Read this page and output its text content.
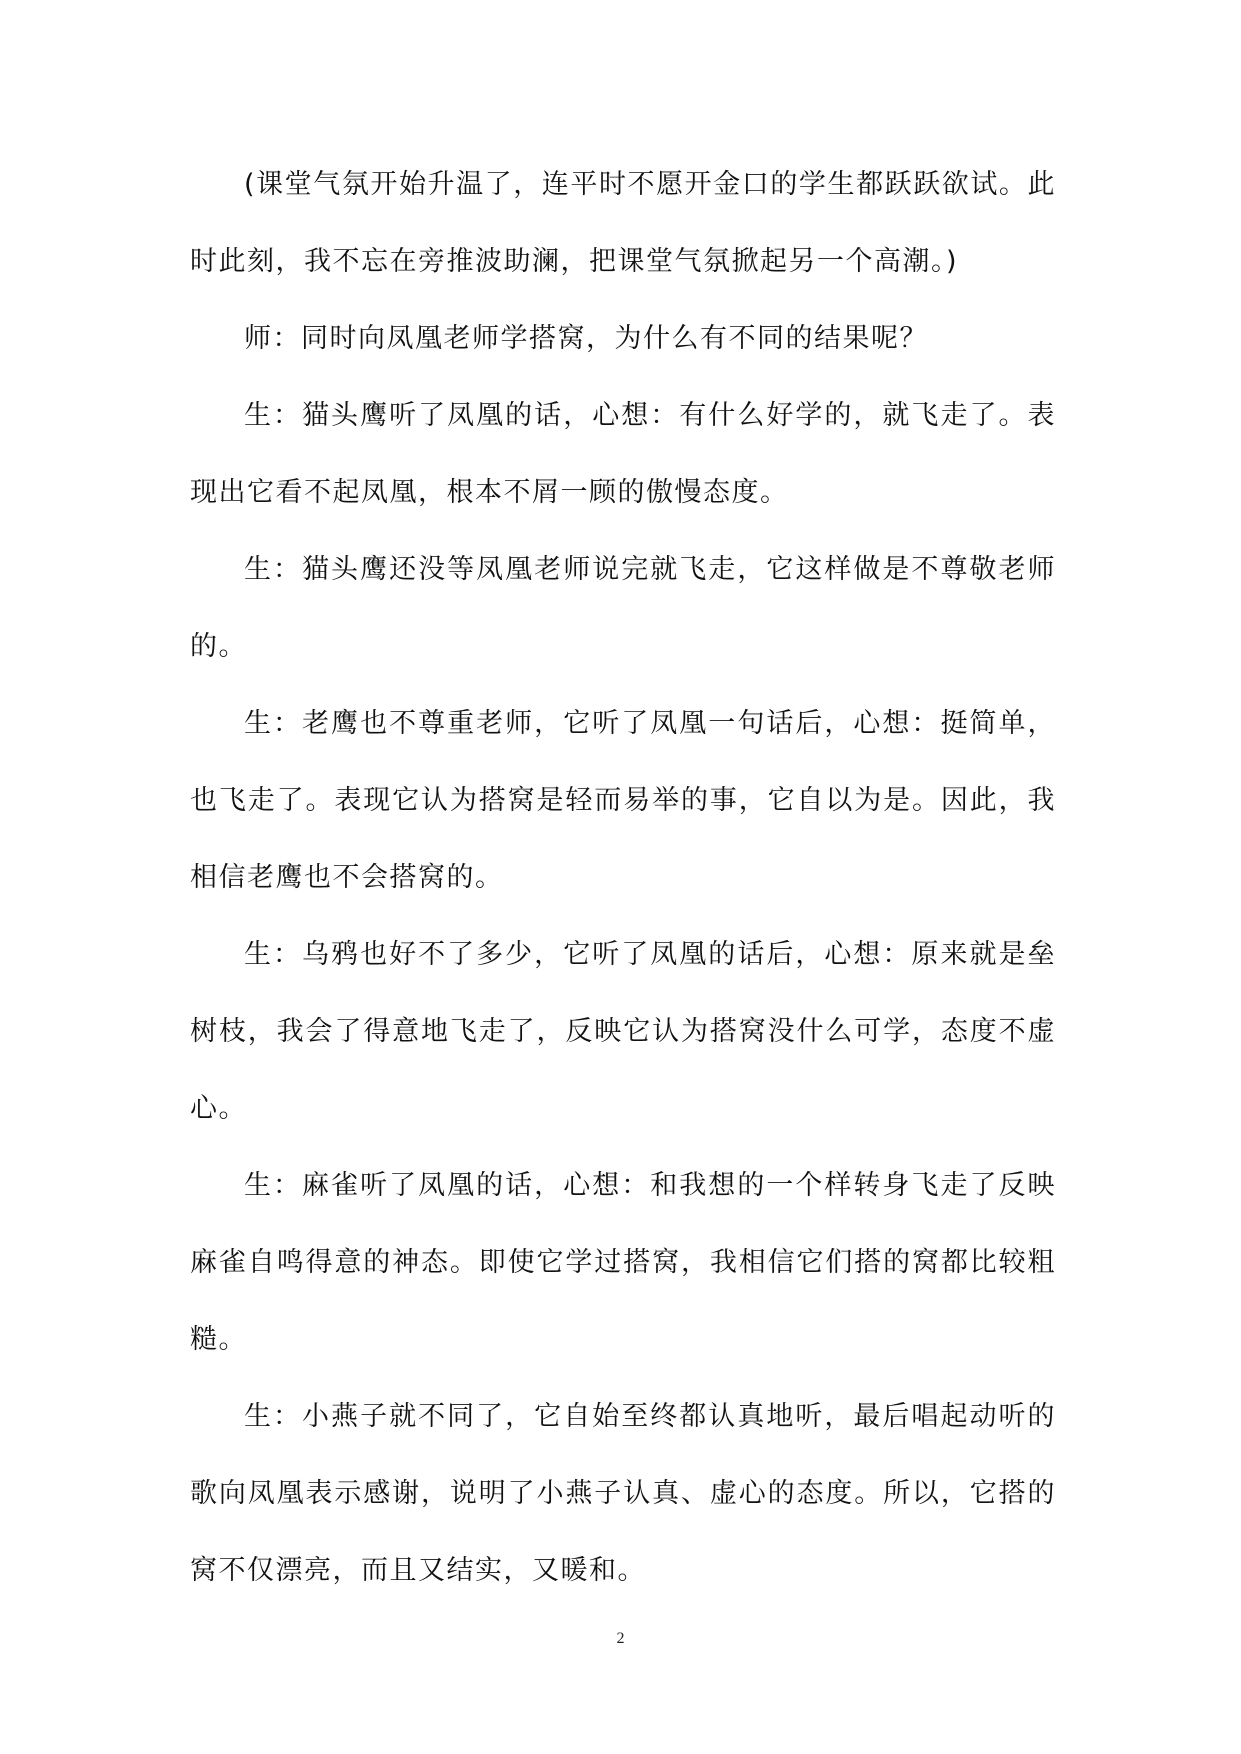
(课堂气氛开始升温了，连平时不愿开金口的学生都跃跃欲试。此时此刻，我不忘在旁推波助澜，把课堂气氛掀起另一个高潮。)

师：同时向凤凰老师学搭窝，为什么有不同的结果呢？

生：猫头鹰听了凤凰的话，心想：有什么好学的，就飞走了。表现出它看不起凤凰，根本不屑一顾的傲慢态度。

生：猫头鹰还没等凤凰老师说完就飞走，它这样做是不尊敬老师的。

生：老鹰也不尊重老师，它听了凤凰一句话后，心想：挺简单，也飞走了。表现它认为搭窝是轻而易举的事，它自以为是。因此，我相信老鹰也不会搭窝的。

生：乌鸦也好不了多少，它听了凤凰的话后，心想：原来就是垒树枝，我会了得意地飞走了，反映它认为搭窝没什么可学，态度不虚心。

生：麻雀听了凤凰的话，心想：和我想的一个样转身飞走了反映麻雀自鸣得意的神态。即使它学过搭窝，我相信它们搭的窝都比较粗糙。

生：小燕子就不同了，它自始至终都认真地听，最后唱起动听的歌向凤凰表示感谢，说明了小燕子认真、虚心的态度。所以，它搭的窝不仅漂亮，而且又结实，又暖和。

2
